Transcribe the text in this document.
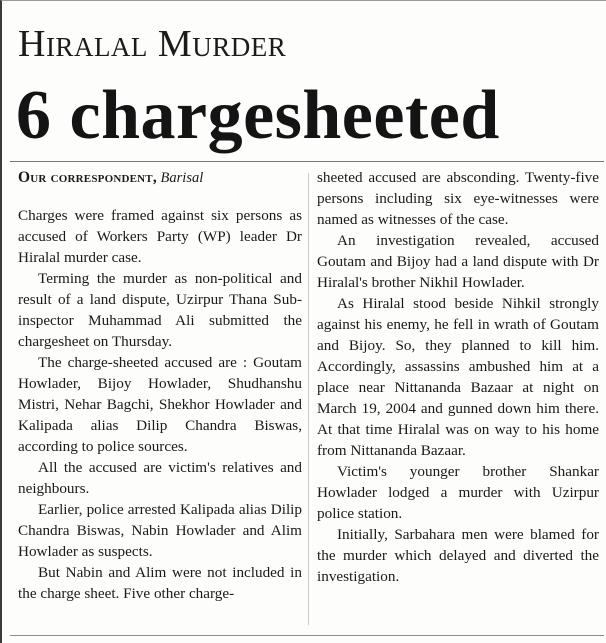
Hiralal Murder
6 chargesheeted
Our correspondent, Barisal

Charges were framed against six persons as accused of Workers Party (WP) leader Dr Hiralal murder case.

Terming the murder as non-political and result of a land dispute, Uzirpur Thana Sub-inspector Muhammad Ali submitted the chargesheet on Thursday.

The charge-sheeted accused are : Goutam Howlader, Bijoy Howlader, Shudhanshu Mistri, Nehar Bagchi, Shekhor Howlader and Kalipada alias Dilip Chandra Biswas, according to police sources.

All the accused are victim's relatives and neighbours.

Earlier, police arrested Kalipada alias Dilip Chandra Biswas, Nabin Howlader and Alim Howlader as suspects.

But Nabin and Alim were not included in the charge sheet. Five other charge-

sheeted accused are absconding. Twenty-five persons including six eye-witnesses were named as witnesses of the case.

An investigation revealed, accused Goutam and Bijoy had a land dispute with Dr Hiralal's brother Nikhil Howlader.

As Hiralal stood beside Nihkil strongly against his enemy, he fell in wrath of Goutam and Bijoy. So, they planned to kill him. Accordingly, assassins ambushed him at a place near Nittananda Bazaar at night on March 19, 2004 and gunned down him there. At that time Hiralal was on way to his home from Nittananda Bazaar.

Victim's younger brother Shankar Howlader lodged a murder with Uzirpur police station.

Initially, Sarbahara men were blamed for the murder which delayed and diverted the investigation.
